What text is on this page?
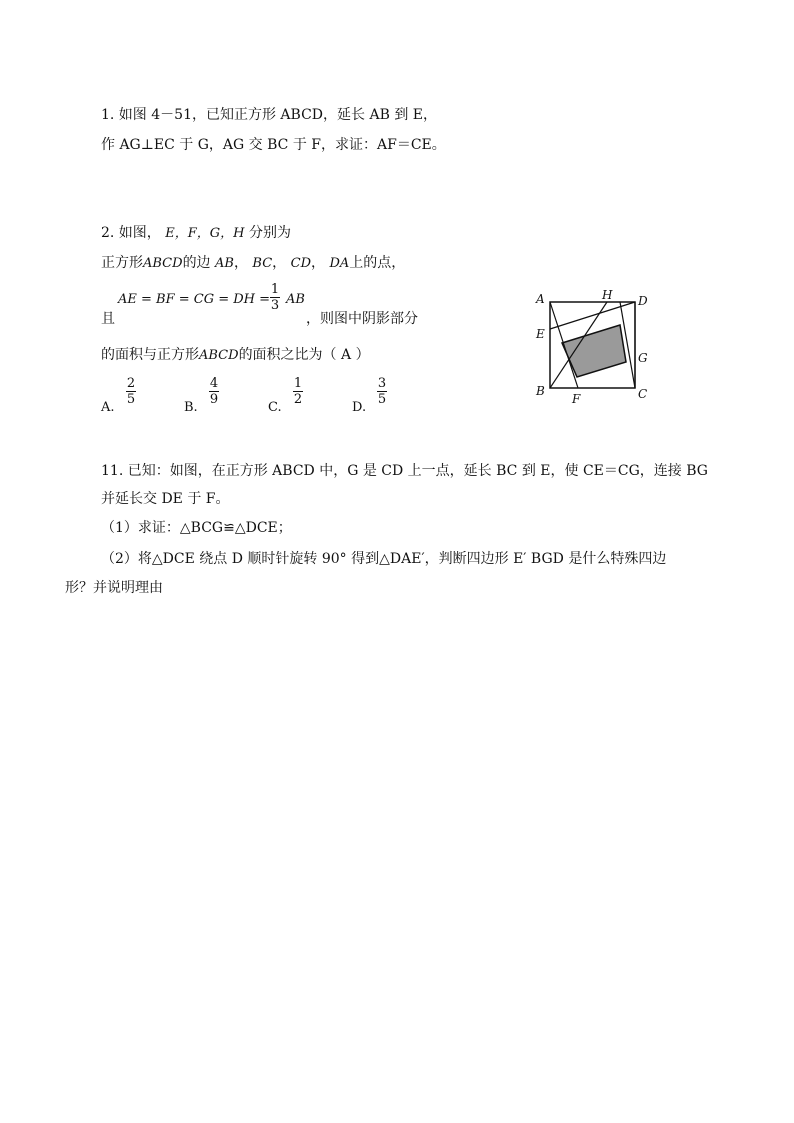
1. 如图 4－51，已知正方形 ABCD，延长 AB 到 E，
作 AG⊥EC 于 G，AG 交 BC 于 F，求证：AF＝CE。
2. 如图， E，F，G，H 分别为
正方形ABCD的边 AB， BC， CD， DA上的点，
且
AE = BF = CG = DH =
1
3 AB
，则图中阴影部分
的面积与正方形ABCD的面积之比为（ A ）
A.
2
5
B.
4
9
C.
1
2
D.
3
5
A	D
B	C
E
F
G
H
11. 已知：如图，在正方形 ABCD 中，G 是 CD 上一点，延长 BC 到 E，使 CE＝CG，连接 BG
并延长交 DE 于 F。
（1）求证：△BCG≌△DCE；
（2）将△DCE 绕点 D 顺时针旋转 90° 得到△DAE′，判断四边形 E′ BGD 是什么特殊四边
形？并说明理由
